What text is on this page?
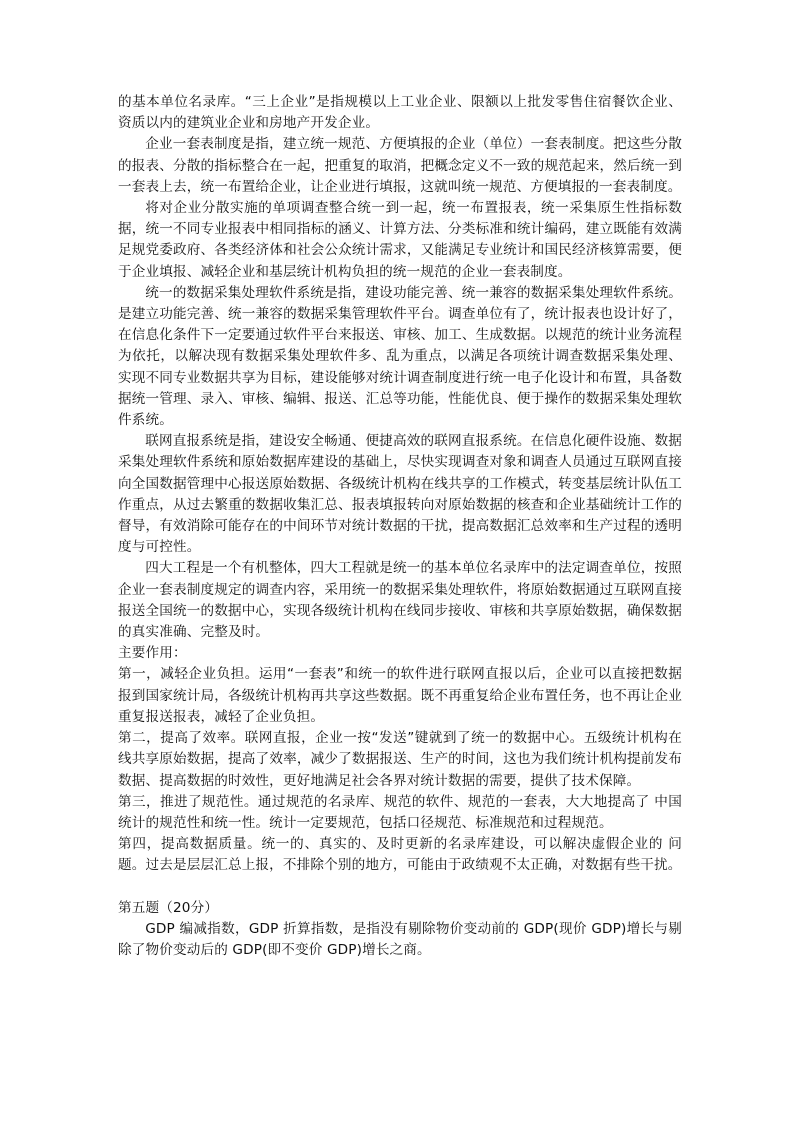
的基本单位名录库。“三上企业”是指规模以上工业企业、限额以上批发零售住宿餐饮企业、资质以内的建筑业企业和房地产开发企业。

企业一套表制度是指，建立统一规范、方便填报的企业（单位）一套表制度。把这些分散的报表、分散的指标整合在一起，把重复的取消，把概念定义不一致的规范起来，然后统一到一套表上去，统一布置给企业，让企业进行填报，这就叫统一规范、方便填报的一套表制度。

将对企业分散实施的单项调查整合统一到一起，统一布置报表，统一采集原生性指标数据，统一不同专业报表中相同指标的涵义、计算方法、分类标准和统计编码，建立既能有效满足规党委政府、各类经济体和社会公众统计需求，又能满足专业统计和国民经济核算需要，便于企业填报、减轻企业和基层统计机构负担的统一规范的企业一套表制度。

统一的数据采集处理软件系统是指，建设功能完善、统一兼容的数据采集处理软件系统。 是建立功能完善、统一兼容的数据采集管理软件平台。调查单位有了，统计报表也设计好了， 在信息化条件下一定要通过软件平台来报送、审核、加工、生成数据。以规范的统计业务流程为依托，以解决现有数据采集处理软件多、乱为重点，以满足各项统计调查数据采集处理、 实现不同专业数据共享为目标，建设能够对统计调查制度进行统一电子化设计和布置，具备数据统一管理、录入、审核、编辑、报送、汇总等功能，性能优良、便于操作的数据采集处理软件系统。

联网直报系统是指，建设安全畅通、便捷高效的联网直报系统。在信息化硬件设施、数据采集处理软件系统和原始数据库建设的基础上，尽快实现调查对象和调查人员通过互联网直接向全国数据管理中心报送原始数据、各级统计机构在线共享的工作模式，转变基层统计队伍工作重点，从过去繁重的数据收集汇总、报表填报转向对原始数据的核查和企业基础统计工作的督导，有效消除可能存在的中间环节对统计数据的干扰，提高数据汇总效率和生产过程的透明度与可控性。

四大工程是一个有机整体，四大工程就是统一的基本单位名录库中的法定调查单位，按照企业一套表制度规定的调查内容，采用统一的数据采集处理软件，将原始数据通过互联网直接报送全国统一的数据中心，实现各级统计机构在线同步接收、审核和共享原始数据，确保数据的真实准确、完整及时。

主要作用：

第一，减轻企业负担。运用“一套表”和统一的软件进行联网直报以后，企业可以直接把数据报到国家统计局，各级统计机构再共享这些数据。既不再重复给企业布置任务，也不再让企业重复报送报表，减轻了企业负担。

第二，提高了效率。联网直报，企业一按“发送”键就到了统一的数据中心。五级统计机构在线共享原始数据，提高了效率，减少了数据报送、生产的时间，这也为我们统计机构提前发布数据、提高数据的时效性，更好地满足社会各界对统计数据的需要，提供了技术保障。

第三，推进了规范性。通过规范的名录库、规范的软件、规范的一套表，大大地提高了 中国统计的规范性和统一性。统计一定要规范，包括口径规范、标准规范和过程规范。

第四，提高数据质量。统一的、真实的、及时更新的名录库建设，可以解决虚假企业的 问题。过去是层层汇总上报，不排除个别的地方，可能由于政绩观不太正确，对数据有些干扰。

第五题（20分）

GDP 编减指数，GDP 折算指数，是指没有剔除物价变动前的 GDP(现价 GDP)增长与剔除了物价变动后的 GDP(即不变价 GDP)增长之商。
